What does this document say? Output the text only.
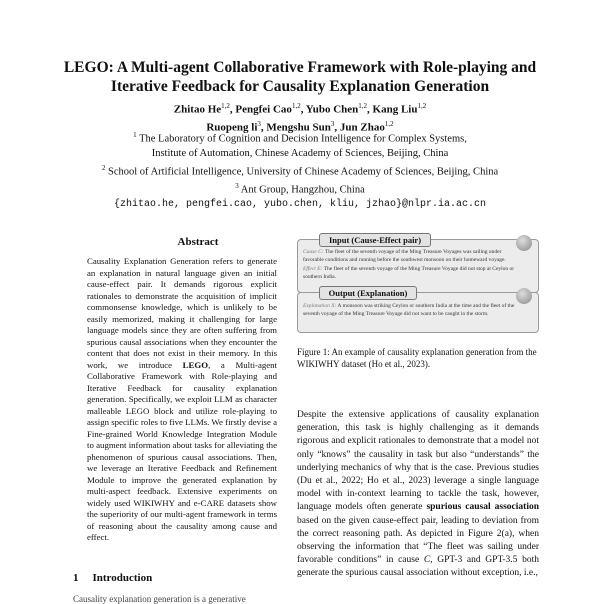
LEGO: A Multi-agent Collaborative Framework with Role-playing and
Iterative Feedback for Causality Explanation Generation
Zhitao He$^{1,2}$, Pengfei Cao$^{1,2}$, Yubo Chen$^{1,2}$, Kang Liu$^{1,2}$
Ruopeng $li^3$, Mengshu Sun$^3$, Jun Zhao$^{1,2}$
$^1$ The Laboratory of Cognition and Decision Intelligence for Complex Systems,
Institute of Automation, Chinese Academy of Sciences, Beijing, China
$^2$ School of Artificial Intelligence, University of Chinese Academy of Sciences, Beijing, China
$^3$ Ant Group, Hangzhou, China
{zhitao.he, pengfei.cao, yubo.chen, kliu, jzhao}@nlpr.ia.ac.cn
Abstract
Causality Explanation Generation refers to generate an explanation in natural language given an initial cause-effect pair. It demands rigorous explicit rationales to demonstrate the acquisition of implicit commonsense knowledge, which is unlikely to be easily memorized, making it challenging for large language models since they are often suffering from spurious causal associations when they encounter the content that does not exist in their memory. In this work, we introduce LEGO, a Multi-agent Collaborative Framework with Role-playing and Iterative Feedback for causality explanation generation. Specifically, we exploit LLM as character malleable LEGO block and utilize role-playing to assign specific roles to five LLMs. We firstly devise a Fine-grained World Knowledge Integration Module to augment information about tasks for alleviating the phenomenon of spurious causal associations. Then, we leverage an Iterative Feedback and Refinement Module to improve the generated explanation by multi-aspect feedback. Extensive experiments on widely used WIKIWHY and e-CARE datasets show the superiority of our multi-agent framework in terms of reasoning about the causality among cause and effect.
1 Introduction
Causality explanation generation is a generative
Cause C: The fleet of the seventh voyage of the Ming Treasure Voyages was sailing under favorable conditions and running before the southwest monsoon on their homeward voyage.
Effect E: The fleet of the seventh voyage of the Ming Treasure Voyage did not stop at Ceylon or southern India.
Input (Cause-Effect pair)
Explanation X: A monsoon was striking Ceylon or southern India at the time and the fleet of the seventh voyage of the Ming Treasure Voyage did not want to be caught in the storm.
Output (Explanation)
Figure 1: An example of causality explanation generation from the WIKIWHY dataset (Ho et al., 2023).
Despite the extensive applications of causality explanation generation, this task is highly challenging as it demands rigorous and explicit rationales to demonstrate that a model not only “knows” the causality in task but also “understands” the underlying mechanics of why that is the case. Previous studies (Du et al., 2022; Ho et al., 2023) leverage a single language model with in-context learning to tackle the task, however, language models often generate spurious causal association based on the given cause-effect pair, leading to deviation from the correct reasoning path. As depicted in Figure 2(a), when observing the information that “The fleet was sailing under favorable conditions” in cause C, GPT-3 and GPT-3.5 both generate the spurious causal association without exception, i.e.,
